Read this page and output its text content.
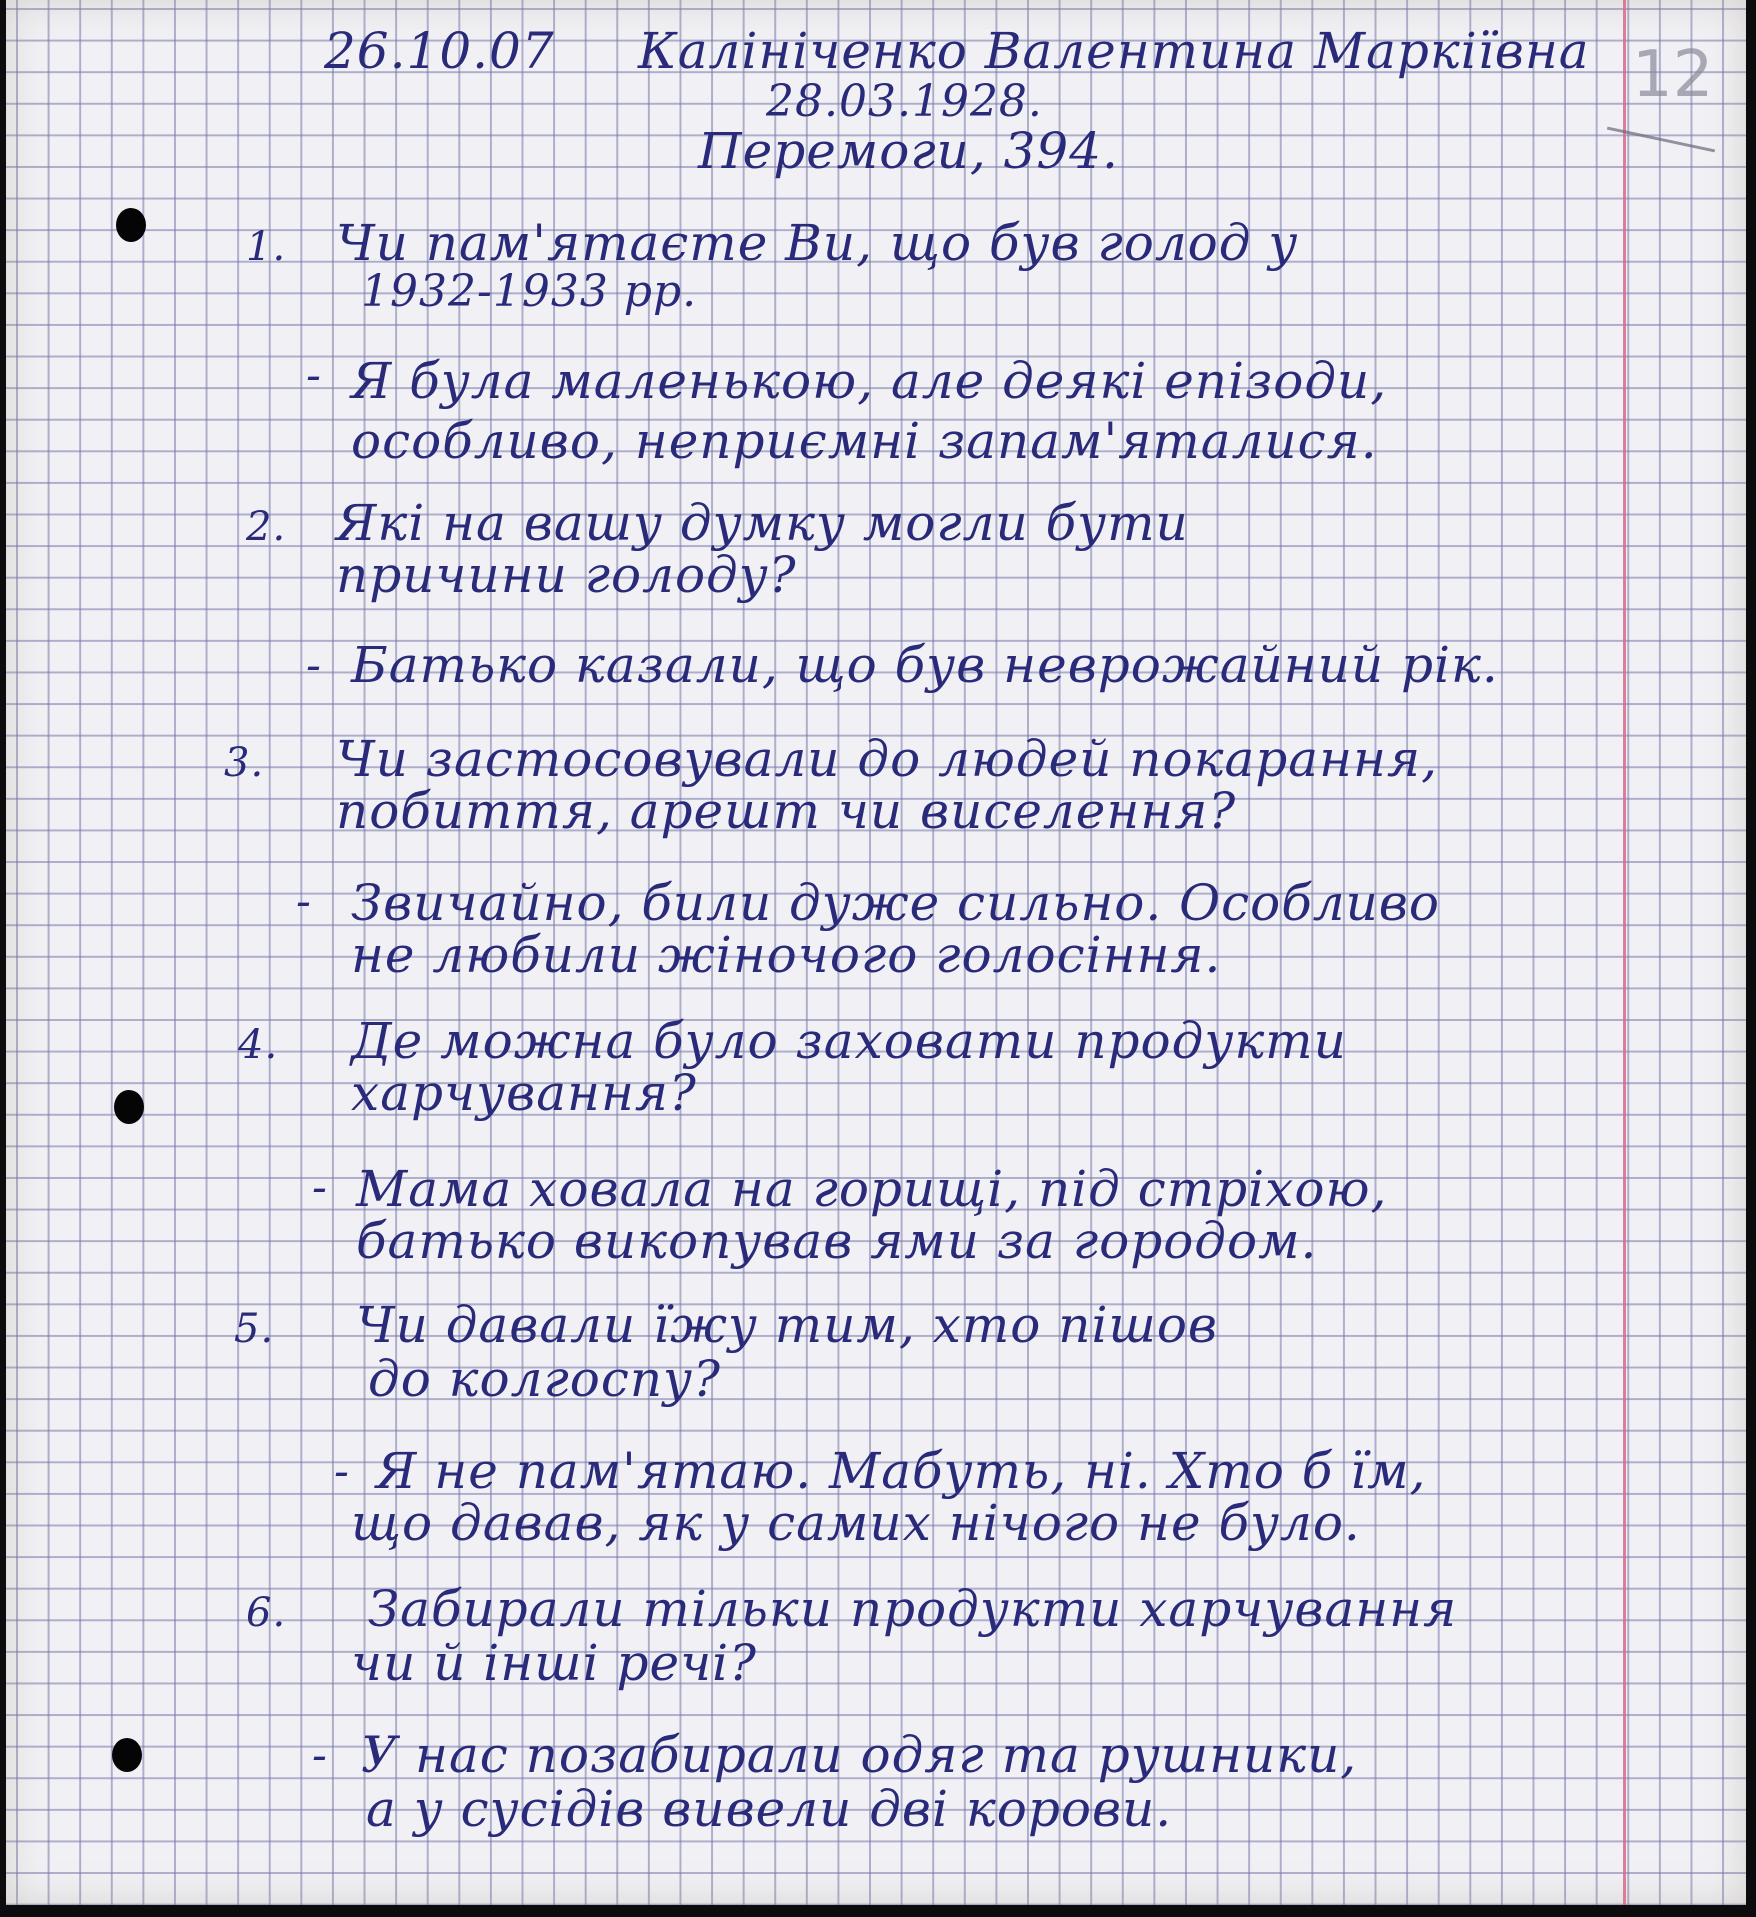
12
26.10.07 Калініченко Валентина Маркіївна
28.03.1928.
Перемоги, 394.
1. Чи пам'ятаєте Ви, що був голод у
1932-1933 рр.
- Я була маленькою, але деякі епізоди,
особливо, неприємні запам'яталися.
2. Які на вашу думку могли бути
причини голоду?
- Батько казали, що був неврожайний рік.
3. Чи застосовували до людей покарання,
побиття, арешт чи виселення?
- Звичайно, били дуже сильно. Особливо
не любили жіночого голосіння.
4. Де можна було заховати продукти
харчування?
- Мама ховала на горищі, під стріхою,
батько викопував ями за городом.
5. Чи давали їжу тим, хто пішов
до колгоспу?
- Я не пам'ятаю. Мабуть, ні. Хто б їм,
що давав, як у самих нічого не було.
6. Забирали тільки продукти харчування
чи й інші речі?
- У нас позабирали одяг та рушники,
а у сусідів вивели дві корови.
